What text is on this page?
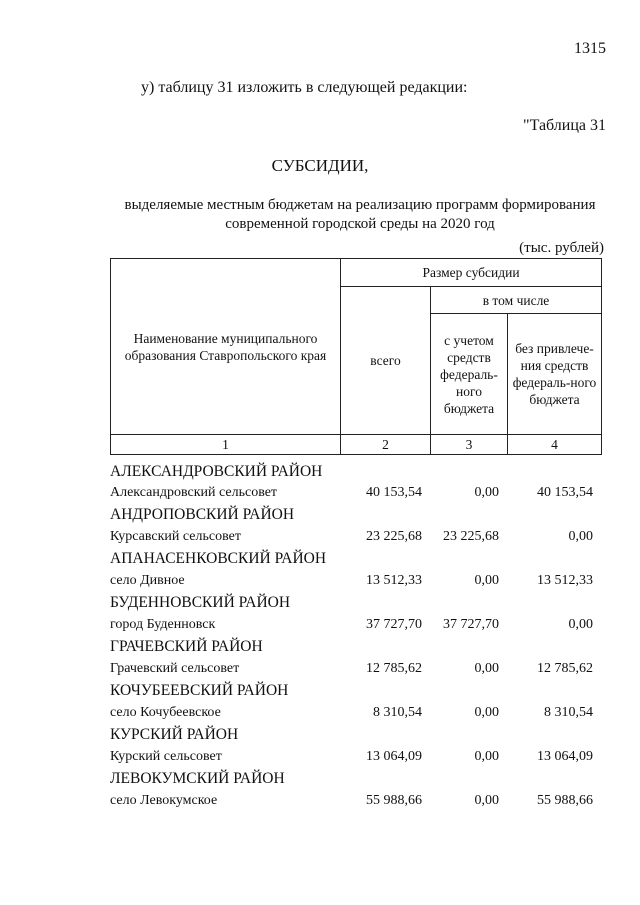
1315
у) таблицу 31 изложить в следующей редакции:
"Таблица 31
СУБСИДИИ,
выделяемые местным бюджетам на реализацию программ формирования
современной городской среды на 2020 год
(тыс. рублей)
Наименование муниципального образования Ставропольского края	Размер субсидии		
	всего	в том числе	
		с учетом средств федераль-ного бюджета	без привлече-ния средств федераль-ного бюджета
1	2	3	4
АЛЕКСАНДРОВСКИЙ РАЙОН			
Александровский сельсовет	40 153,54	0,00	40 153,54
АНДРОПОВСКИЙ РАЙОН			
Курсавский сельсовет	23 225,68	23 225,68	0,00
АПАНАСЕНКОВСКИЙ РАЙОН			
село Дивное	13 512,33	0,00	13 512,33
БУДЕННОВСКИЙ РАЙОН			
город Буденновск	37 727,70	37 727,70	0,00
ГРАЧЕВСКИЙ РАЙОН			
Грачевский сельсовет	12 785,62	0,00	12 785,62
КОЧУБЕЕВСКИЙ РАЙОН			
село Кочубеевское	8 310,54	0,00	8 310,54
КУРСКИЙ РАЙОН			
Курский сельсовет	13 064,09	0,00	13 064,09
ЛЕВОКУМСКИЙ РАЙОН			
село Левокумское	55 988,66	0,00	55 988,66
